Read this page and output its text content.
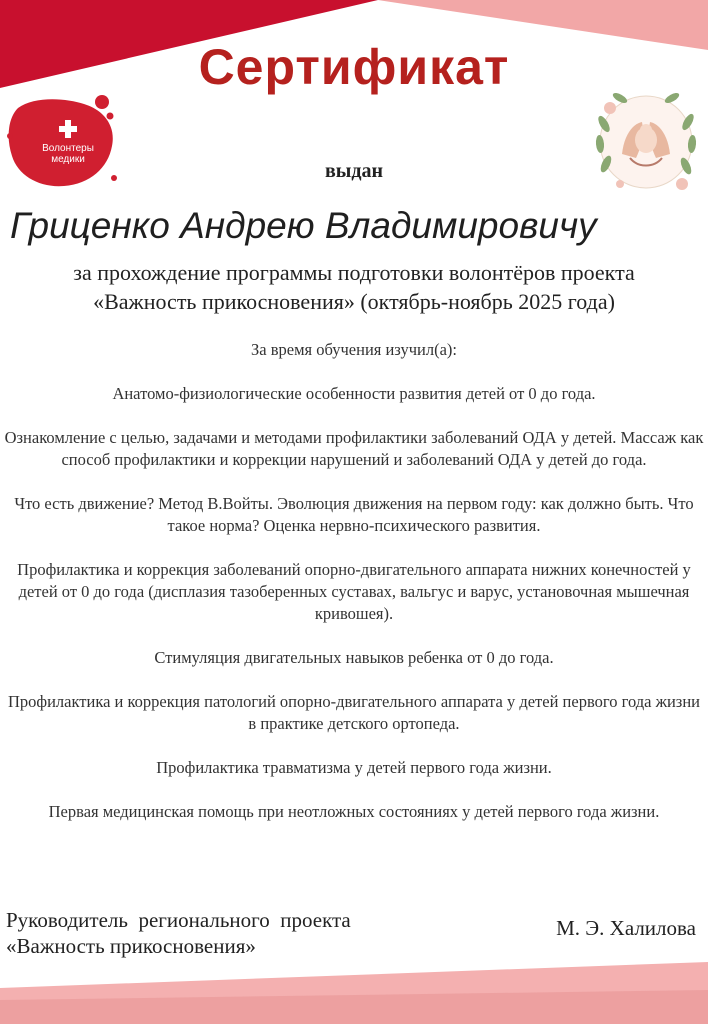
Сертификат
Волонтеры
медики
выдан
Гриценко Андрею Владимировичу
за прохождение программы подготовки волонтёров проекта
«Важность прикосновения» (октябрь-ноябрь 2025 года)

За время обучения изучил(а):

Анатомо-физиологические особенности развития детей от 0 до года.

Ознакомление с целью, задачами и методами профилактики заболеваний ОДА у детей. Массаж как способ профилактики и коррекции нарушений и заболеваний ОДА у детей до года.

Что есть движение? Метод В.Войты. Эволюция движения на первом году: как должно быть. Что такое норма? Оценка нервно-психического развития.

Профилактика и коррекция заболеваний опорно-двигательного аппарата нижних конечностей у детей от 0 до года (дисплазия тазоберенных суставах, вальгус и варус, установочная мышечная кривошея).

Стимуляция двигательных навыков ребенка от 0 до года.

Профилактика и коррекция патологий опорно-двигательного аппарата у детей первого года жизни в практике детского ортопеда.

Профилактика травматизма у детей первого года жизни.

Первая медицинская помощь при неотложных состояниях у детей первого года жизни.

Руководитель  регионального  проекта
«Важность прикосновения»
М. Э. Халилова
